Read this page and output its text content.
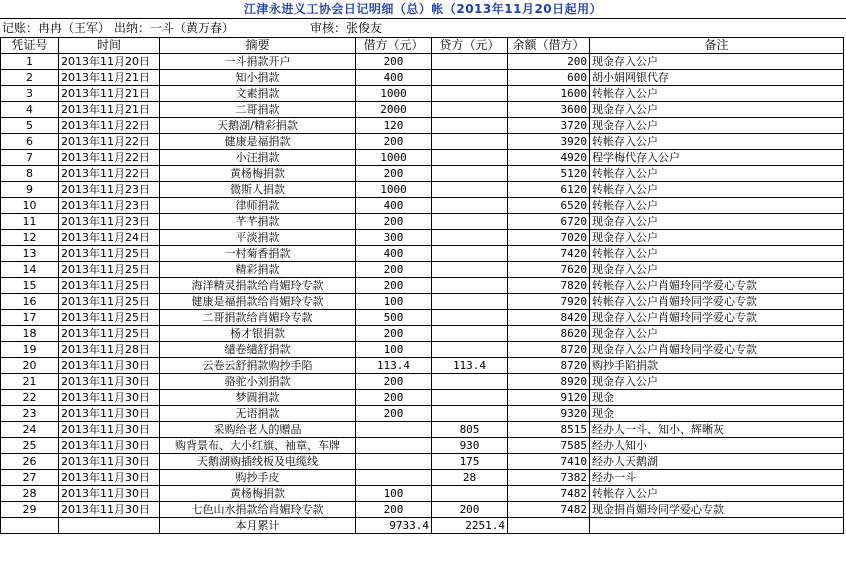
江津永进义工协会日记明细（总）帐（2013年11月20日起用）
记账：冉冉（王军） 出纳：一斗（黄万春）	审核：张俊友
凭证号	时间	摘要	借方（元）	贷方（元）	余额（借方）	备注
1	2013年11月20日	一斗捐款开户	200		200	现金存入公户
2	2013年11月21日	知小捐款	400		600	胡小娟网银代存
3	2013年11月21日	文素捐款	1000		1600	转帐存入公户
4	2013年11月21日	二哥捐款	2000		3600	现金存入公户
5	2013年11月22日	天鹅湖/精彩捐款	120		3720	现金存入公户
6	2013年11月22日	健康是福捐款	200		3920	转帐存入公户
7	2013年11月22日	小汪捐款	1000		4920	程学梅代存入公户
8	2013年11月22日	黄杨梅捐款	200		5120	转帐存入公户
9	2013年11月23日	微斯人捐款	1000		6120	转帐存入公户
10	2013年11月23日	律师捐款	400		6520	转帐存入公户
11	2013年11月23日	芊芊捐款	200		6720	现金存入公户
12	2013年11月24日	平淡捐款	300		7020	现金存入公户
13	2013年11月25日	一村菊香捐款	400		7420	转帐存入公户
14	2013年11月25日	精彩捐款	200		7620	现金存入公户
15	2013年11月25日	海洋精灵捐款给肖媚玲专款	200		7820	转帐存入公户肖媚玲同学爱心专款
16	2013年11月25日	健康是福捐款给肖媚玲专款	100		7920	转帐存入公户肖媚玲同学爱心专款
17	2013年11月25日	二哥捐款给肖媚玲专款	500		8420	现金存入公户肖媚玲同学爱心专款
18	2013年11月25日	杨才银捐款	200		8620	现金存入公户
19	2013年11月28日	缱卷缱舒捐款	100		8720	现金存入公户肖媚玲同学爱心专款
20	2013年11月30日	云卷云舒捐款购抄手陷	113.4	113.4	8720	购抄手陷捐款
21	2013年11月30日	骆驼小刘捐款	200		8920	现金存入公户
22	2013年11月30日	梦圆捐款	200		9120	现金
23	2013年11月30日	无语捐款	200		9320	现金
24	2013年11月30日	采购给老人的赠品		805	8515	经办人一斗、知小、辉晰灰
25	2013年11月30日	购背景布、大小红旗、袖章、车牌		930	7585	经办人知小
26	2013年11月30日	天鹅湖购插线板及电缆线		175	7410	经办人天鹅湖
27	2013年11月30日	购抄手皮		28	7382	经办一斗
28	2013年11月30日	黄杨梅捐款	100		7482	转帐存入公户
29	2013年11月30日	七色山水捐款给肖媚玲专款	200	200	7482	现金捐肖媚玲同学爱心专款
		本月累计	9733.4	2251.4		
